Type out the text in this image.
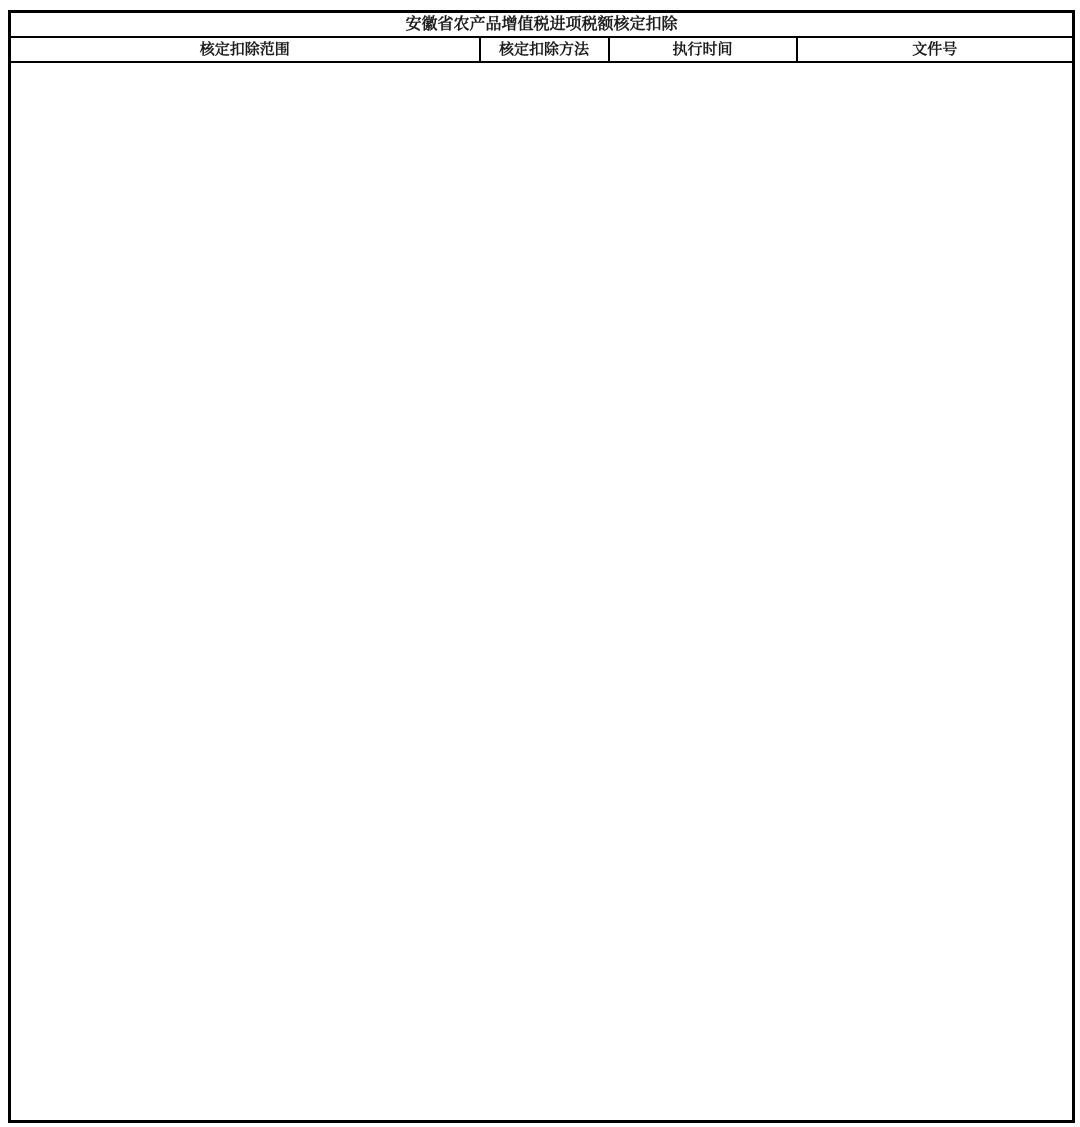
安徽省农产品增值税进项税额核定扣除
核定扣除范围	核定扣除方法	执行时间	文件号
